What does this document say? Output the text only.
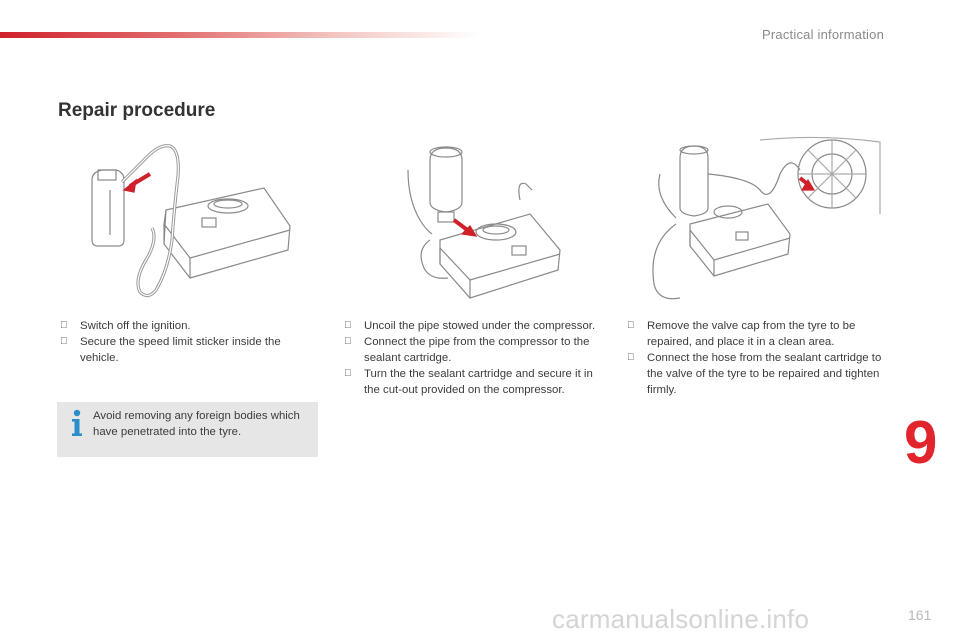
Practical information
Repair procedure
Switch off the ignition.
Secure the speed limit sticker inside the vehicle.
Uncoil the pipe stowed under the compressor.
Connect the pipe from the compressor to the sealant cartridge.
Turn the the sealant cartridge and secure it in the cut-out provided on the compressor.
Remove the valve cap from the tyre to be repaired, and place it in a clean area.
Connect the hose from the sealant cartridge to the valve of the tyre to be repaired and tighten firmly.
Avoid removing any foreign bodies which have penetrated into the tyre.	9
carmanualsonline.info	161
